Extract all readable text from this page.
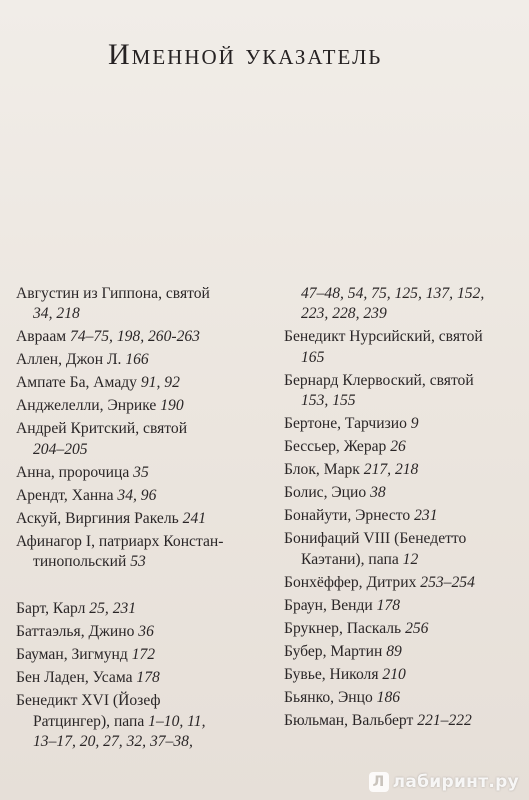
Именной указатель
Августин из Гиппона, святой
34, 218
Авраам 74–75, 198, 260-263
Аллен, Джон Л. 166
Ампате Ба, Амаду 91, 92
Анджелелли, Энрике 190
Андрей Критский, святой
204–205
Анна, пророчица 35
Арендт, Ханна 34, 96
Аскуй, Виргиния Ракель 241
Афинагор I, патриарх Констан-
тинопольский 53
Барт, Карл 25, 231
Баттаэлья, Джино 36
Бауман, Зигмунд 172
Бен Ладен, Усама 178
Бенедикт XVI (Йозеф
Ратцингер), папа 1–10, 11,
13–17, 20, 27, 32, 37–38,
47–48, 54, 75, 125, 137, 152,
223, 228, 239
Бенедикт Нурсийский, святой
165
Бернард Клервоский, святой
153, 155
Бертоне, Тарчизио 9
Бессьер, Жерар 26
Блок, Марк 217, 218
Болис, Эцио 38
Бонайути, Эрнесто 231
Бонифаций VIII (Бенедетто
Каэтани), папа 12
Бонхёффер, Дитрих 253–254
Браун, Венди 178
Брукнер, Паскаль 256
Бубер, Мартин 89
Бувье, Николя 210
Бьянко, Энцо 186
Бюльман, Вальберт 221–222
Л лабиринт.ру
